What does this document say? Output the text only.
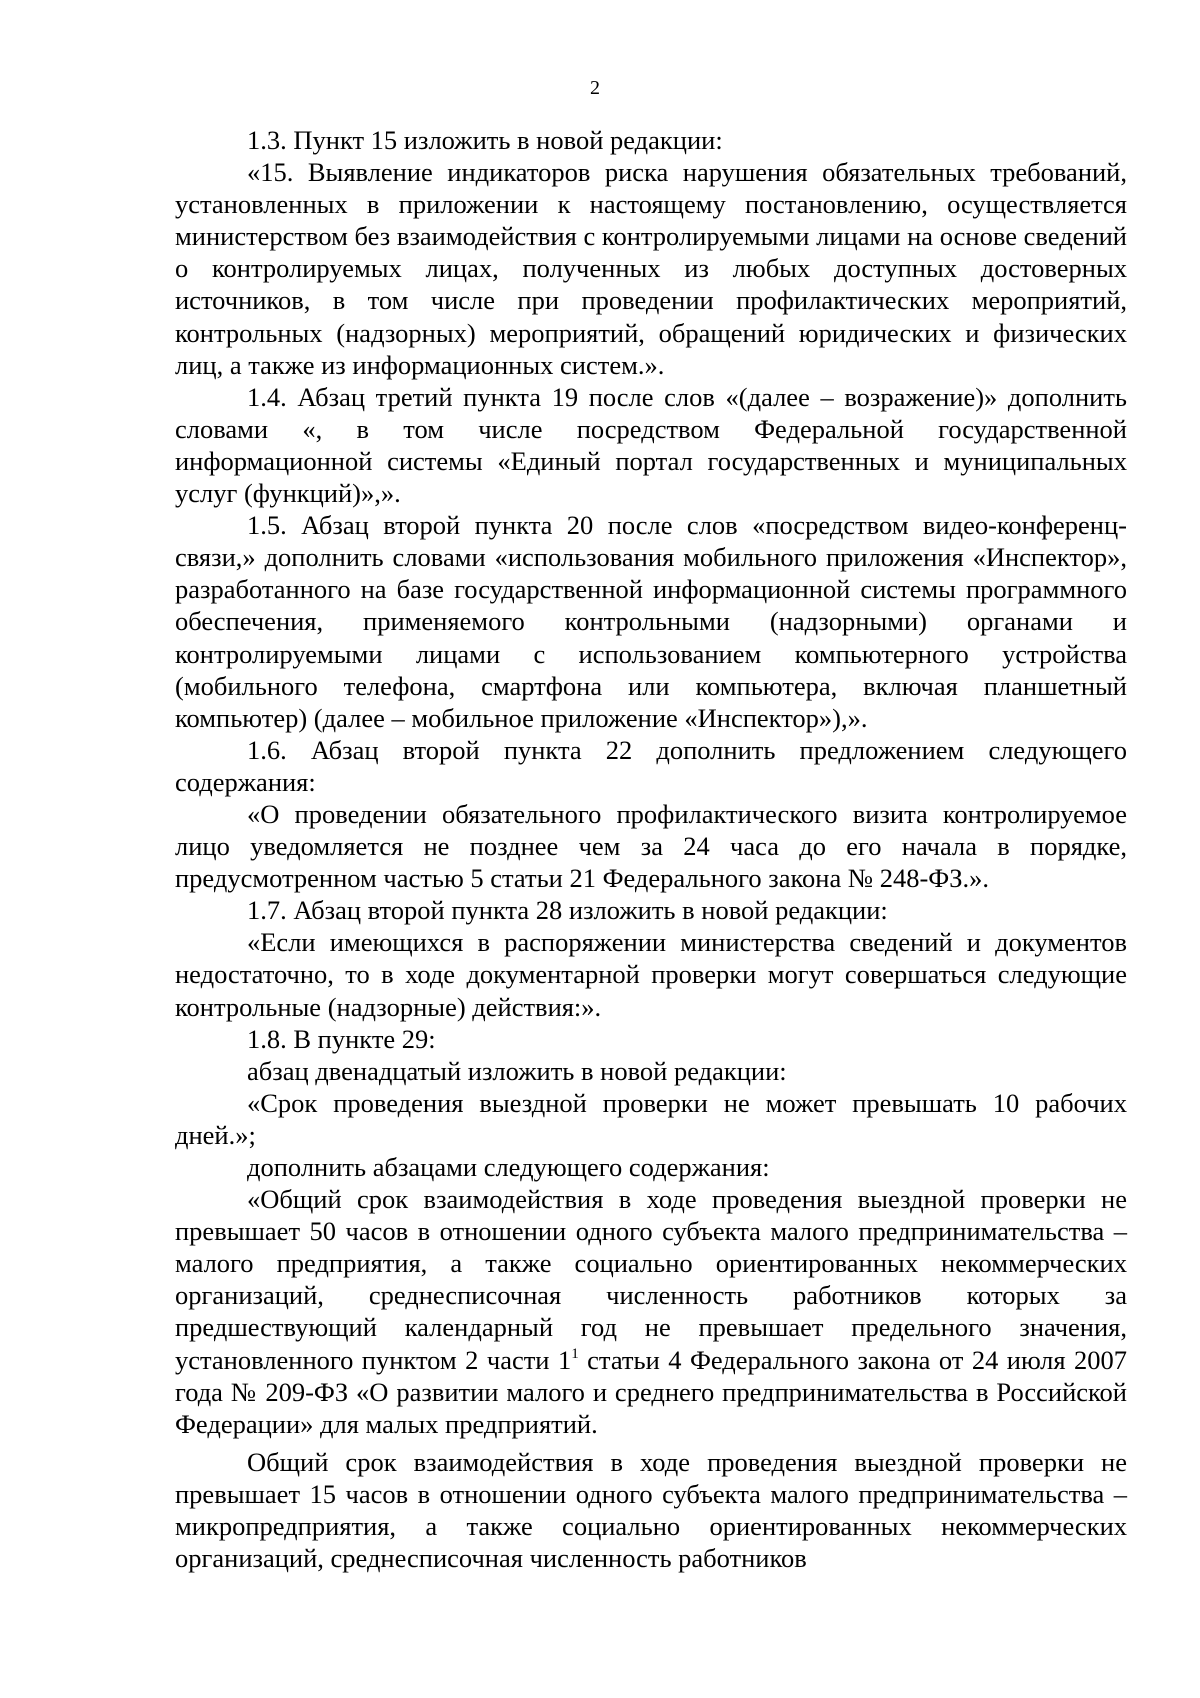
2

1.3. Пункт 15 изложить в новой редакции:

«15. Выявление индикаторов риска нарушения обязательных требований, установленных в приложении к настоящему постановлению, осуществляется министерством без взаимодействия с контролируемыми лицами на основе сведений о контролируемых лицах, полученных из любых доступных достоверных источников, в том числе при проведении профилактических мероприятий, контрольных (надзорных) мероприятий, обращений юридических и физических лиц, а также из информационных систем.».

1.4. Абзац третий пункта 19 после слов «(далее – возражение)» дополнить словами «, в том числе посредством Федеральной государственной информационной системы «Единый портал государственных и муниципальных услуг (функций)»,».

1.5. Абзац второй пункта 20 после слов «посредством видео-конференц-связи,» дополнить словами «использования мобильного приложения «Инспектор», разработанного на базе государственной информационной системы программного обеспечения, применяемого контрольными (надзорными) органами и контролируемыми лицами с использованием компьютерного устройства (мобильного телефона, смартфона или компьютера, включая планшетный компьютер) (далее – мобильное приложение «Инспектор»),».

1.6. Абзац второй пункта 22 дополнить предложением следующего содержания:

«О проведении обязательного профилактического визита контролируемое лицо уведомляется не позднее чем за 24 часа до его начала в порядке, предусмотренном частью 5 статьи 21 Федерального закона № 248-ФЗ.».

1.7. Абзац второй пункта 28 изложить в новой редакции:

«Если имеющихся в распоряжении министерства сведений и документов недостаточно, то в ходе документарной проверки могут совершаться следующие контрольные (надзорные) действия:».

1.8. В пункте 29:

абзац двенадцатый изложить в новой редакции:

«Срок проведения выездной проверки не может превышать 10 рабочих дней.»;

дополнить абзацами следующего содержания:

«Общий срок взаимодействия в ходе проведения выездной проверки не превышает 50 часов в отношении одного субъекта малого предпринимательства – малого предприятия, а также социально ориентированных некоммерческих организаций, среднесписочная численность работников которых за предшествующий календарный год не превышает предельного значения, установленного пунктом 2 части $1^1$ статьи 4 Федерального закона от 24 июля 2007 года № 209-ФЗ «О развитии малого и среднего предпринимательства в Российской Федерации» для малых предприятий.

Общий срок взаимодействия в ходе проведения выездной проверки не превышает 15 часов в отношении одного субъекта малого предпринимательства – микропредприятия, а также социально ориентированных некоммерческих организаций, среднесписочная численность работников
